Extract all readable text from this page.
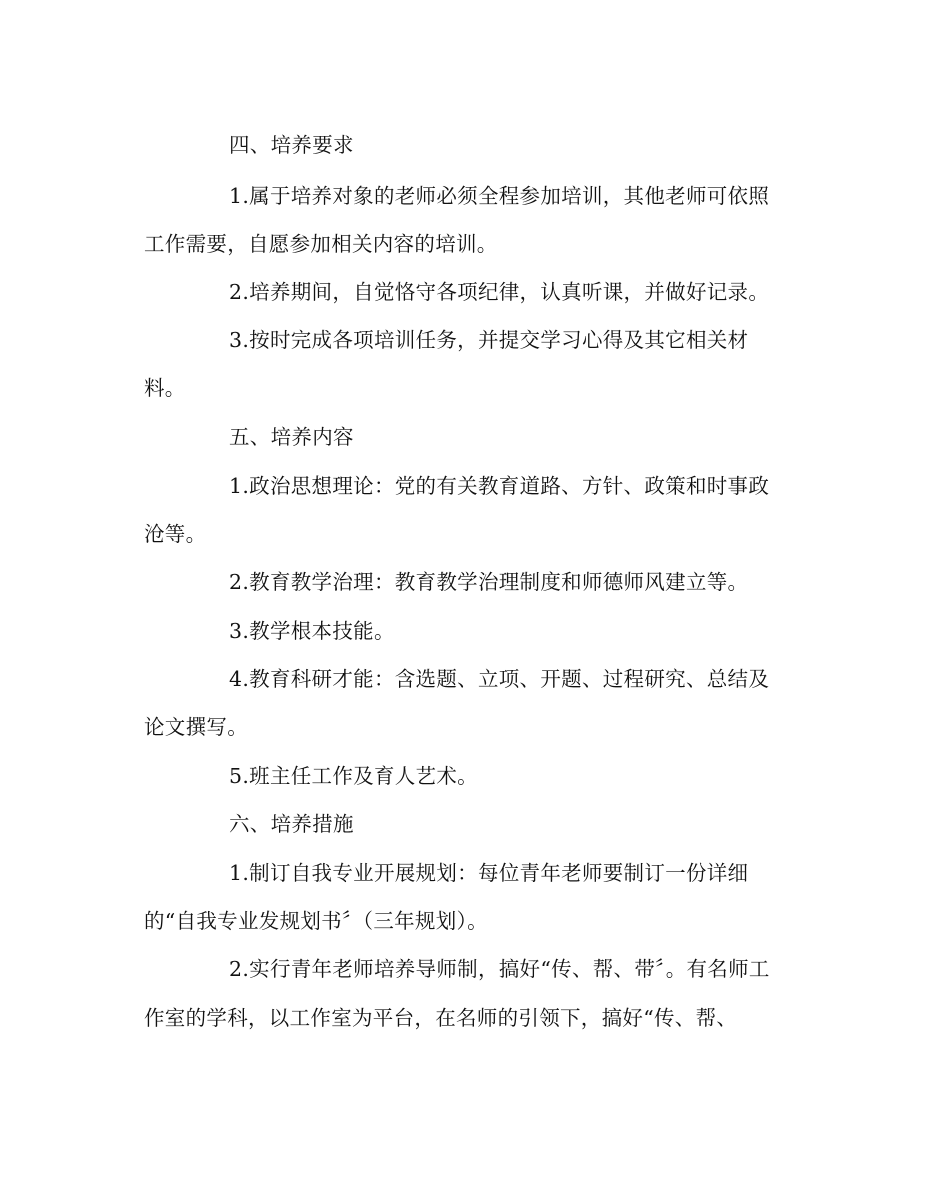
四、培养要求

1.属于培养对象的老师必须全程参加培训，其他老师可依照

工作需要，自愿参加相关内容的培训。

2.培养期间，自觉恪守各项纪律，认真听课，并做好记录。

3.按时完成各项培训任务，并提交学习心得及其它相关材

料。

五、培养内容

1.政治思想理论：党的有关教育道路、方针、政策和时事政

沧等。

2.教育教学治理：教育教学治理制度和师德师风建立等。

3.教学根本技能。

4.教育科研才能：含选题、立项、开题、过程研究、总结及

论文撰写。

5.班主任工作及育人艺术。

六、培养措施

1.制订自我专业开展规划：每位青年老师要制订一份详细

的“自我专业发规划书〞（三年规划）。

2.实行青年老师培养导师制，搞好“传、帮、带〞。有名师工

作室的学科，以工作室为平台，在名师的引领下，搞好“传、帮、
